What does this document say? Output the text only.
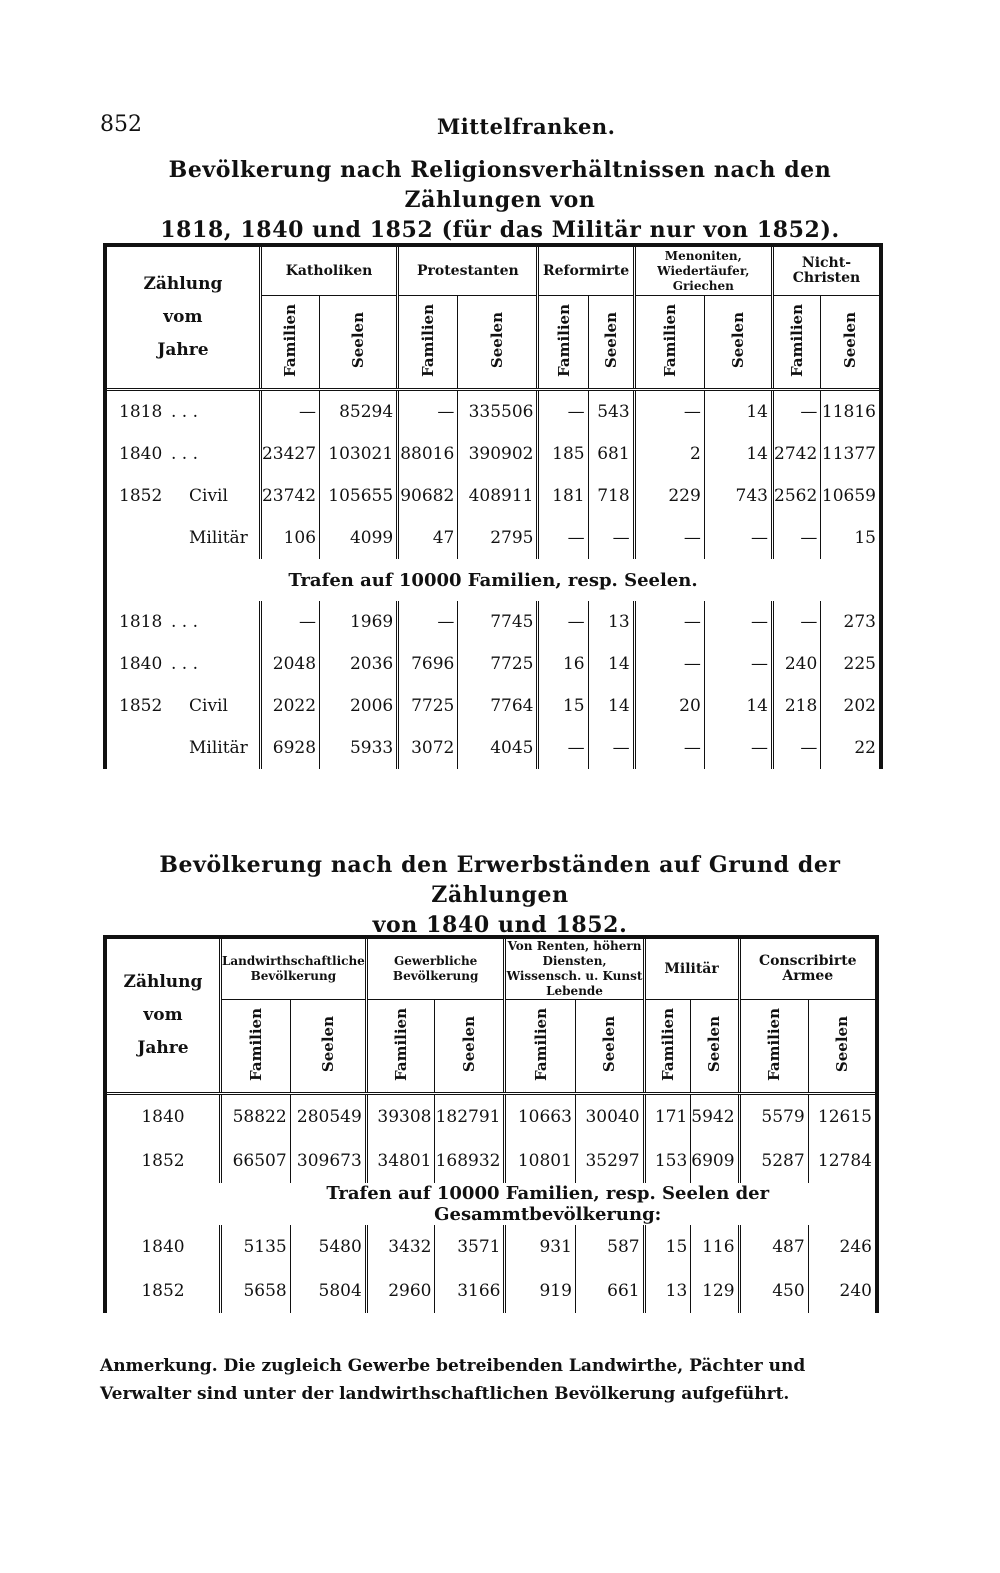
852	Mittelfranken.
Bevölkerung nach Religionsverhältnissen nach den Zählungen von
1818, 1840 und 1852 (für das Militär nur von 1852).
Zählung
vom
Jahre	Katholiken		Protestanten		Reformirte		Menoniten, Wiedertäufer, Griechen		Nicht-Christen	
	Familien	Seelen	Familien	Seelen	Familien	Seelen	Familien	Seelen	Familien	Seelen
1818 . . .	—	85294	—	335506	—	543	—	14	—	11816
1840 . . .	23427	103021	88016	390902	185	681	2	14	2742	11377
1852 Civil	23742	105655	90682	408911	181	718	229	743	2562	10659
Militär	106	4099	47	2795	—	—	—	—	—	15
Trafen auf 10000 Familien, resp. Seelen.										
1818 . . .	—	1969	—	7745	—	13	—	—	—	273
1840 . . .	2048	2036	7696	7725	16	14	—	—	240	225
1852 Civil	2022	2006	7725	7764	15	14	20	14	218	202
Militär	6928	5933	3072	4045	—	—	—	—	—	22
Bevölkerung nach den Erwerbständen auf Grund der Zählungen
von 1840 und 1852.
Zählung
vom
Jahre	Landwirthschaftliche Bevölkerung		Gewerbliche Bevölkerung		Von Renten, höhern Diensten, Wissensch. u. Kunst Lebende		Militär		Conscribirte Armee	
	Familien	Seelen	Familien	Seelen	Familien	Seelen	Familien	Seelen	Familien	Seelen
1840	58822	280549	39308	182791	10663	30040	171	5942	5579	12615
1852	66507	309673	34801	168932	10801	35297	153	6909	5287	12784
	Trafen auf 10000 Familien, resp. Seelen der Gesammtbevölkerung:									
1840	5135	5480	3432	3571	931	587	15	116	487	246
1852	5658	5804	2960	3166	919	661	13	129	450	240
Anmerkung. Die zugleich Gewerbe betreibenden Landwirthe, Pächter und Verwalter sind unter der landwirthschaftlichen Bevölkerung aufgeführt.
